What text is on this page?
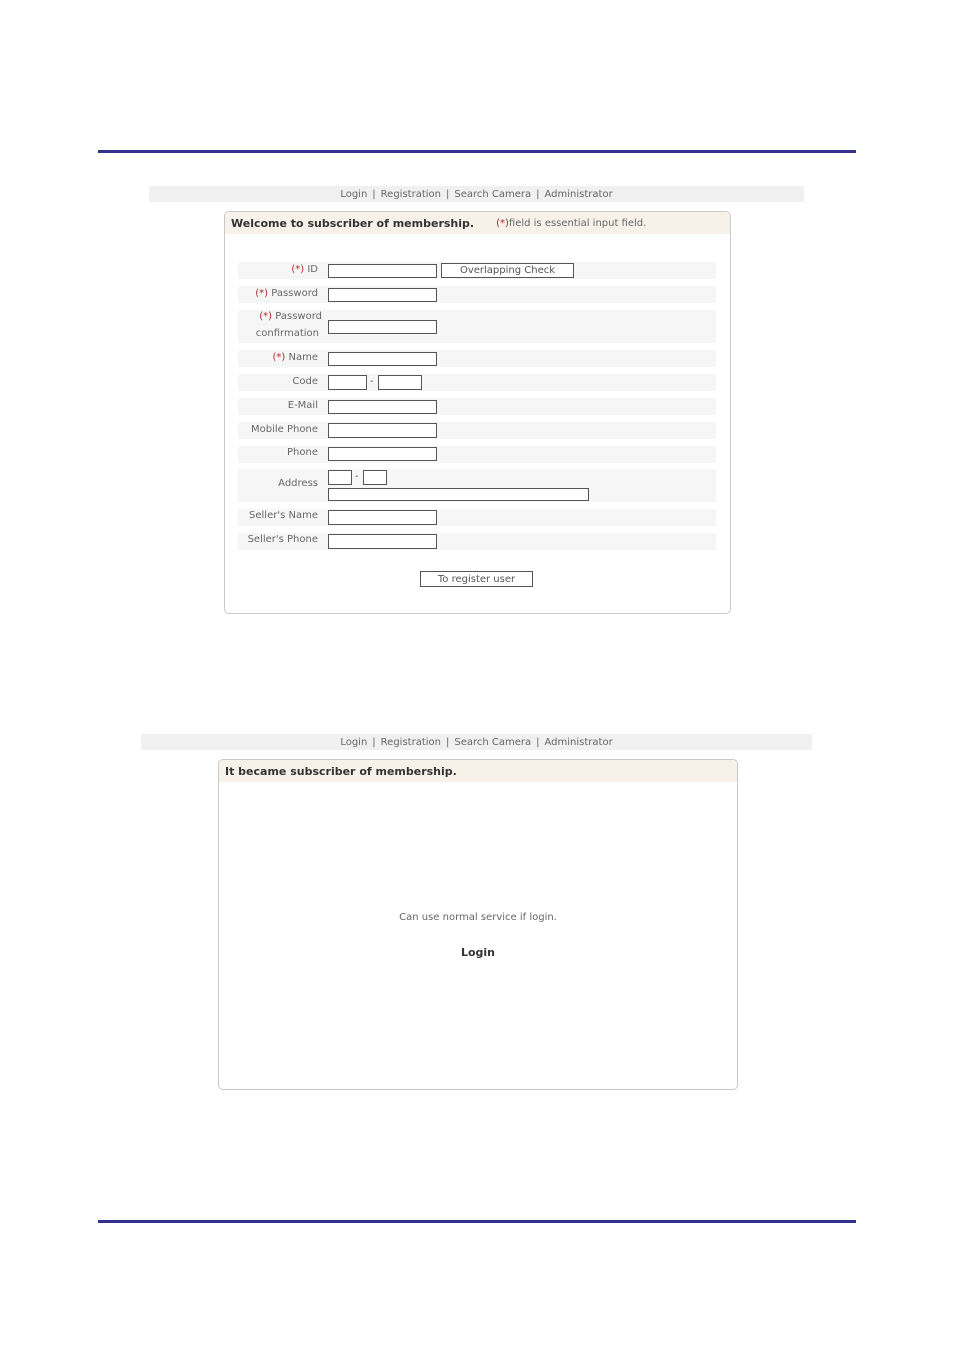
Login | Registration | Search Camera | Administrator
Welcome to subscriber of membership. (*)field is essential input field.
(*) ID	Overlapping Check
(*) Password
(*) Password
confirmation
(*) Name
Code	-
E-Mail
Mobile Phone
Phone
Address
-
Seller's Name
Seller's Phone
To register user
Login | Registration | Search Camera | Administrator
It became subscriber of membership.
Can use normal service if login.
Login
